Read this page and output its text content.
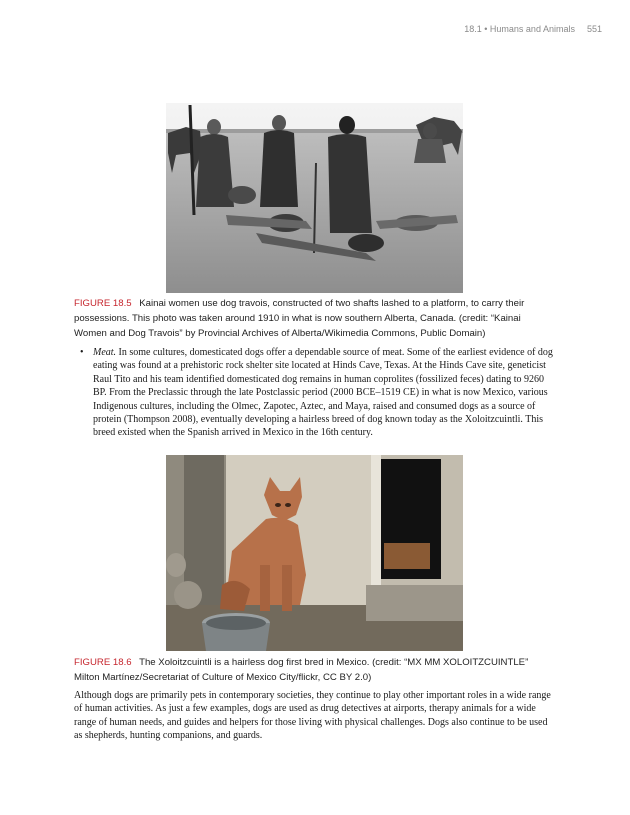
18.1 • Humans and Animals 551
FIGURE 18.5 Kainai women use dog travois, constructed of two shafts lashed to a platform, to carry their possessions. This photo was taken around 1910 in what is now southern Alberta, Canada. (credit: “Kainai Women and Dog Travois” by Provincial Archives of Alberta/Wikimedia Commons, Public Domain)
• Meat. In some cultures, domesticated dogs offer a dependable source of meat. Some of the earliest evidence of dog eating was found at a prehistoric rock shelter site located at Hinds Cave, Texas. At the Hinds Cave site, geneticist Raul Tito and his team identified domesticated dog remains in human coprolites (fossilized feces) dating to 9260 BP. From the Preclassic through the late Postclassic period (2000 BCE–1519 CE) in what is now Mexico, various Indigenous cultures, including the Olmec, Zapotec, Aztec, and Maya, raised and consumed dogs as a source of protein (Thompson 2008), eventually developing a hairless breed of dog known today as the Xoloitzcuintli. This breed existed when the Spanish arrived in Mexico in the 16th century.
FIGURE 18.6 The Xoloitzcuintli is a hairless dog first bred in Mexico. (credit: “MX MM XOLOITZCUINTLE” Milton Martínez/Secretariat of Culture of Mexico City/flickr, CC BY 2.0)
Although dogs are primarily pets in contemporary societies, they continue to play other important roles in a wide range of human activities. As just a few examples, dogs are used as drug detectives at airports, therapy animals for a wide range of human needs, and guides and helpers for those living with physical challenges. Dogs also continue to be used as shepherds, hunting companions, and guards.
